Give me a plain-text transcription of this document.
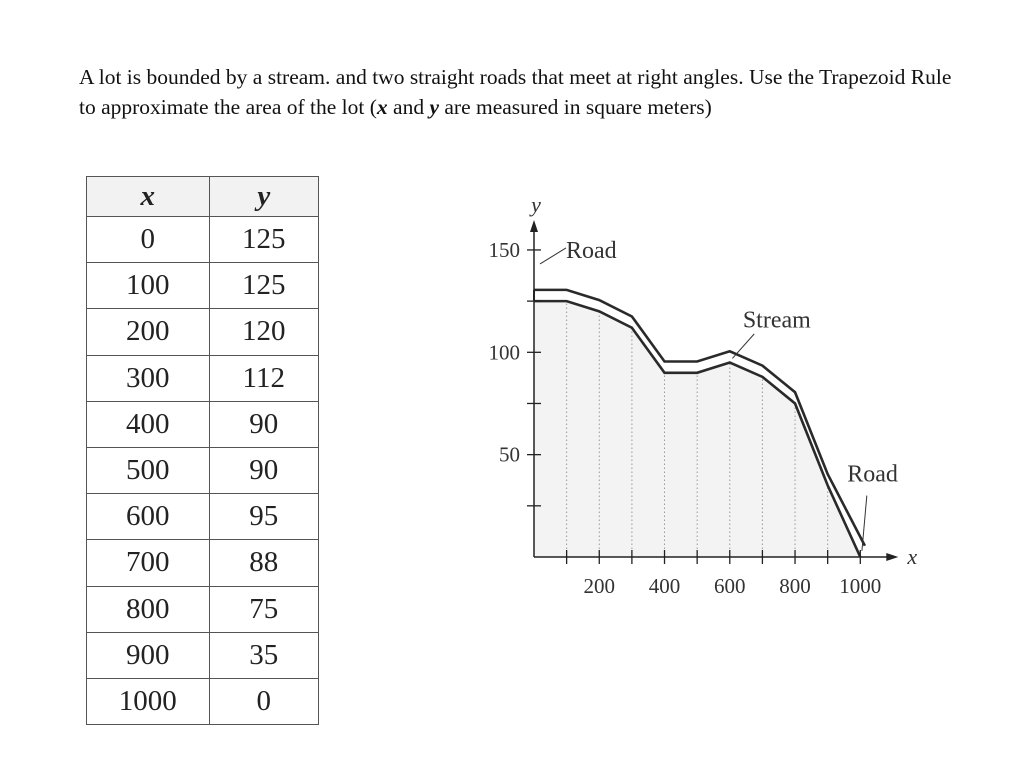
A lot is bounded by a stream. and two straight roads that meet at right angles. Use the Trapezoid Rule to approximate the area of the lot (x and y are measured in square meters)

x	y
0	125
100	125
200	120
300	112
400	90
500	90
600	95
700	88
800	75
900	35
1000	0
200 400 600 800 1000
50
100
150
y
x
Road
Stream
Road
